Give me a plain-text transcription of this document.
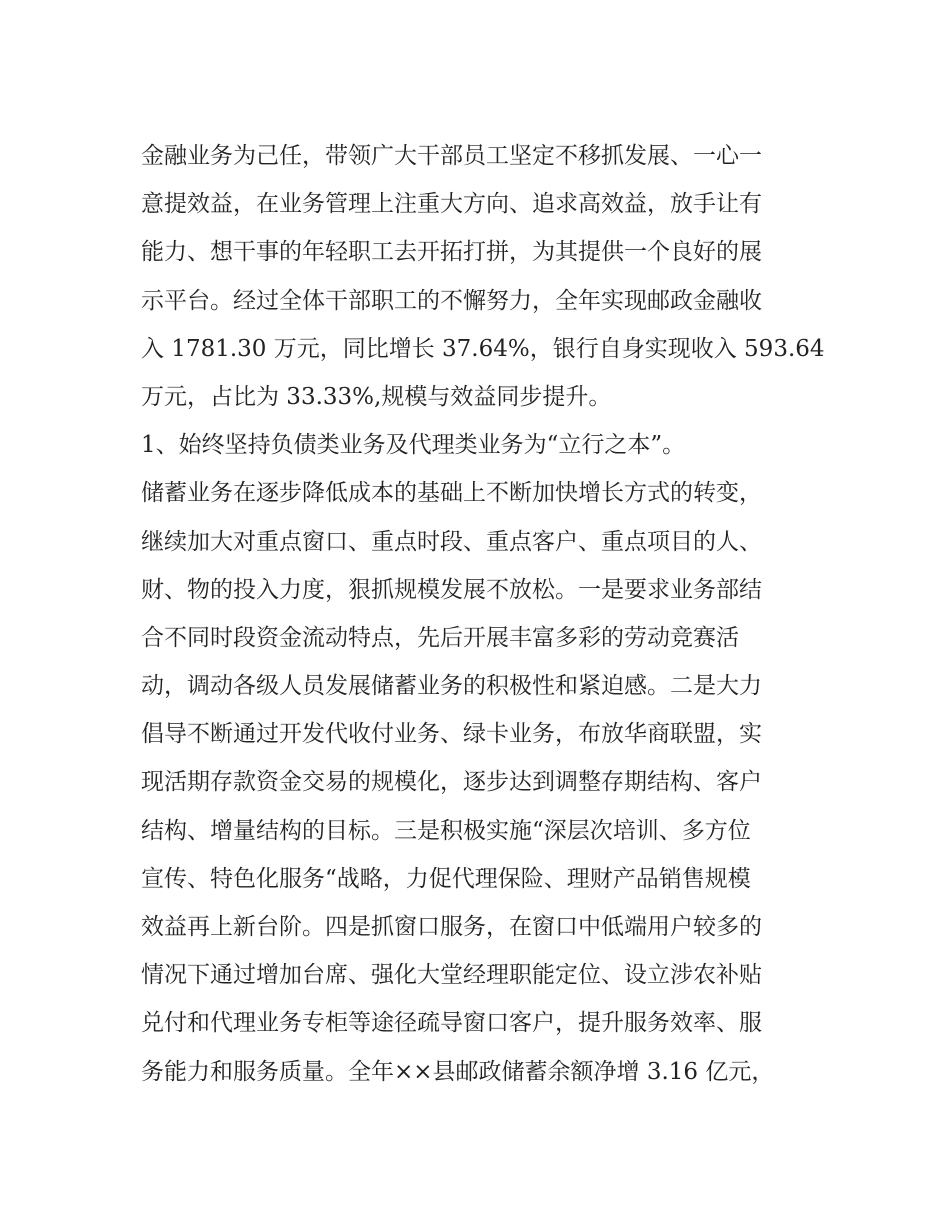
金融业务为己任，带领广大干部员工坚定不移抓发展、一心一
意提效益，在业务管理上注重大方向、追求高效益，放手让有
能力、想干事的年轻职工去开拓打拼，为其提供一个良好的展
示平台。经过全体干部职工的不懈努力，全年实现邮政金融收
入 1781.30 万元，同比增长 37.64%，银行自身实现收入 593.64
万元，占比为 33.33%,规模与效益同步提升。
1、始终坚持负债类业务及代理类业务为“立行之本”。
储蓄业务在逐步降低成本的基础上不断加快增长方式的转变，
继续加大对重点窗口、重点时段、重点客户、重点项目的人、
财、物的投入力度，狠抓规模发展不放松。一是要求业务部结
合不同时段资金流动特点，先后开展丰富多彩的劳动竞赛活
动，调动各级人员发展储蓄业务的积极性和紧迫感。二是大力
倡导不断通过开发代收付业务、绿卡业务，布放华商联盟，实
现活期存款资金交易的规模化，逐步达到调整存期结构、客户
结构、增量结构的目标。三是积极实施“深层次培训、多方位
宣传、特色化服务“战略，力促代理保险、理财产品销售规模
效益再上新台阶。四是抓窗口服务，在窗口中低端用户较多的
情况下通过增加台席、强化大堂经理职能定位、设立涉农补贴
兑付和代理业务专柜等途径疏导窗口客户，提升服务效率、服
务能力和服务质量。全年××县邮政储蓄余额净增 3.16 亿元，
